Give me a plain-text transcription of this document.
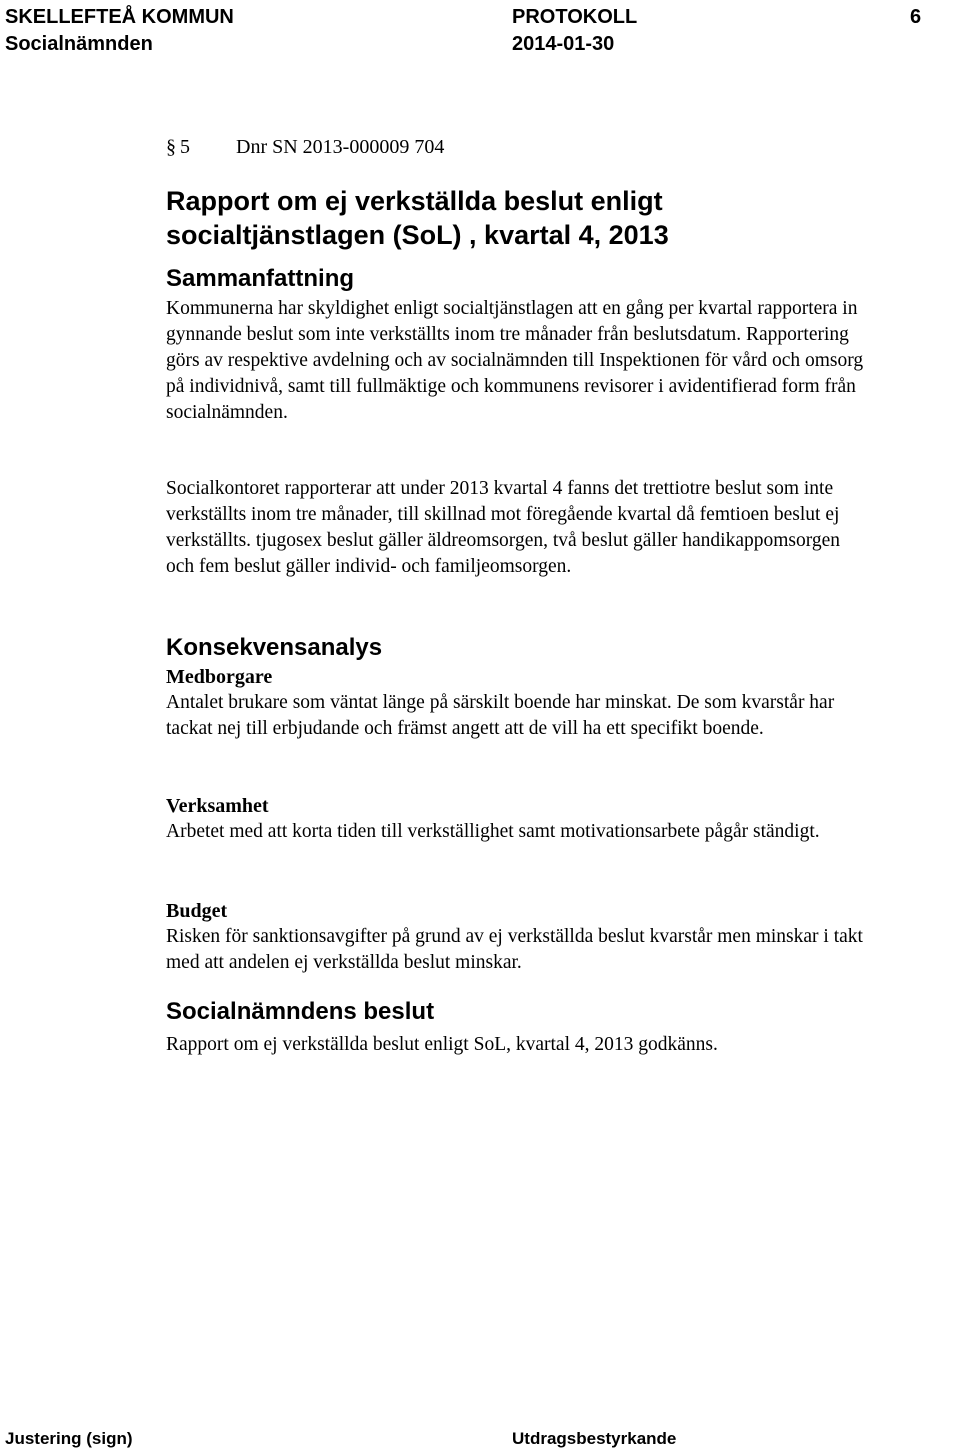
SKELLEFTEÅ KOMMUN	PROTOKOLL	6
Socialnämnden	2014-01-30
§ 5 Dnr SN 2013-000009 704
Rapport om ej verkställda beslut enligt socialtjänstlagen (SoL) , kvartal 4, 2013
Sammanfattning

Kommunerna har skyldighet enligt socialtjänstlagen att en gång per kvartal rapportera in gynnande beslut som inte verkställts inom tre månader från beslutsdatum. Rapportering görs av respektive avdelning och av socialnämnden till Inspektionen för vård och omsorg på individnivå, samt till fullmäktige och kommunens revisorer i avidentifierad form från socialnämnden.

Socialkontoret rapporterar att under 2013 kvartal 4 fanns det trettiotre beslut som inte verkställts inom tre månader, till skillnad mot föregående kvartal då femtioen beslut ej verkställts. tjugosex beslut gäller äldreomsorgen, två beslut gäller handikappomsorgen och fem beslut gäller individ- och familjeomsorgen.

Konsekvensanalys
Medborgare

Antalet brukare som väntat länge på särskilt boende har minskat. De som kvarstår har tackat nej till erbjudande och främst angett att de vill ha ett specifikt boende.

Verksamhet

Arbetet med att korta tiden till verkställighet samt motivationsarbete pågår ständigt.

Budget

Risken för sanktionsavgifter på grund av ej verkställda beslut kvarstår men minskar i takt med att andelen ej verkställda beslut minskar.

Socialnämndens beslut

Rapport om ej verkställda beslut enligt SoL, kvartal 4, 2013 godkänns.

Justering (sign)	Utdragsbestyrkande
